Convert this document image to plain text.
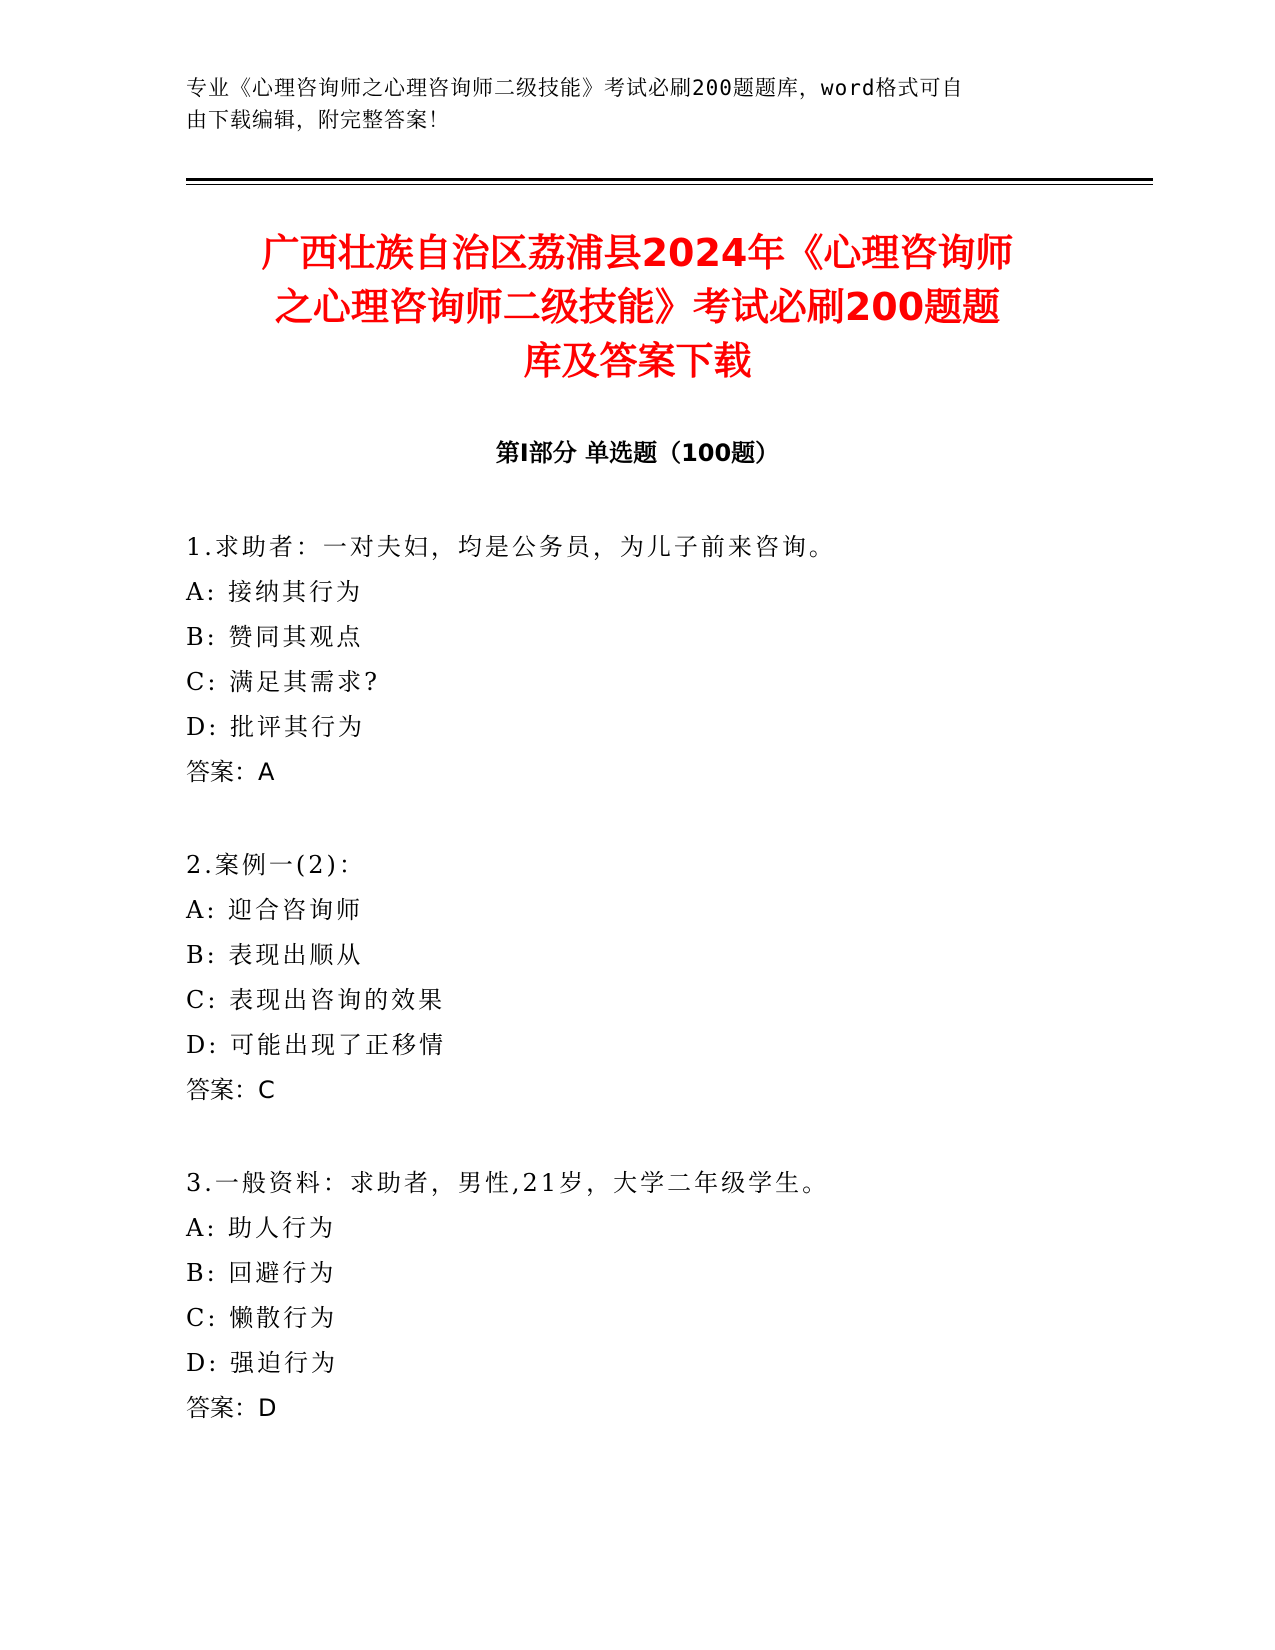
专业《心理咨询师之心理咨询师二级技能》考试必刷200题题库，word格式可自
由下载编辑，附完整答案！
广西壮族自治区荔浦县2024年《心理咨询师
之心理咨询师二级技能》考试必刷200题题
库及答案下载
第I部分 单选题（100题）
1.求助者：一对夫妇，均是公务员，为儿子前来咨询。
A: 接纳其行为
B: 赞同其观点
C: 满足其需求?
D: 批评其行为
答案：A
2.案例一(2)：
A: 迎合咨询师
B: 表现出顺从
C: 表现出咨询的效果
D: 可能出现了正移情
答案：C
3.一般资料：求助者，男性,21岁，大学二年级学生。
A: 助人行为
B: 回避行为
C: 懒散行为
D: 强迫行为
答案：D
